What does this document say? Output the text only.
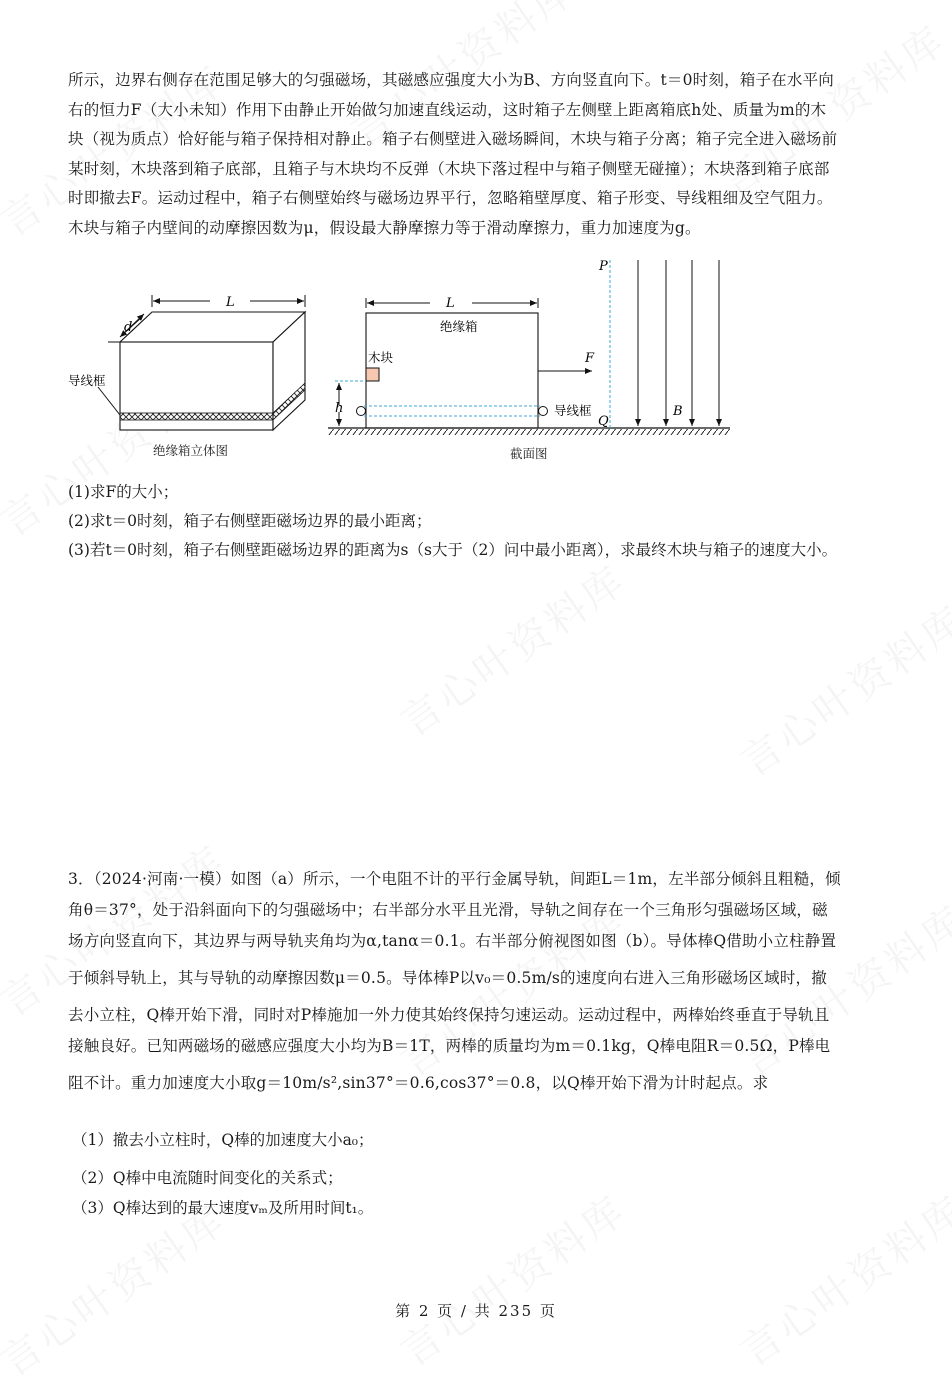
所示，边界右侧存在范围足够大的匀强磁场，其磁感应强度大小为B、方向竖直向下。t＝0时刻，箱子在水平向

右的恒力F（大小未知）作用下由静止开始做匀加速直线运动，这时箱子左侧壁上距离箱底h处、质量为m的木

块（视为质点）恰好能与箱子保持相对静止。箱子右侧壁进入磁场瞬间，木块与箱子分离；箱子完全进入磁场前

某时刻，木块落到箱子底部，且箱子与木块均不反弹（木块下落过程中与箱子侧壁无碰撞）；木块落到箱子底部

时即撤去F。运动过程中，箱子右侧壁始终与磁场边界平行，忽略箱壁厚度、箱子形变、导线粗细及空气阻力。

木块与箱子内壁间的动摩擦因数为μ，假设最大静摩擦力等于滑动摩擦力，重力加速度为g。

L
d
导线框
绝缘箱立体图
L
绝缘箱
木块
h	导线框
F
P
Q
B
截面图
(1)求F的大小；
(2)求t＝0时刻，箱子右侧壁距磁场边界的最小距离；
(3)若t＝0时刻，箱子右侧壁距磁场边界的距离为s（s大于（2）问中最小距离），求最终木块与箱子的速度大小。

3．（2024·河南·一模）如图（a）所示，一个电阻不计的平行金属导轨，间距L＝1m，左半部分倾斜且粗糙，倾

角θ＝37°，处于沿斜面向下的匀强磁场中；右半部分水平且光滑，导轨之间存在一个三角形匀强磁场区域，磁

场方向竖直向下，其边界与两导轨夹角均为α,tanα＝0.1。右半部分俯视图如图（b）。导体棒Q借助小立柱静置

于倾斜导轨上，其与导轨的动摩擦因数μ＝0.5。导体棒P以v₀＝0.5m/s的速度向右进入三角形磁场区域时，撤

去小立柱，Q棒开始下滑，同时对P棒施加一外力使其始终保持匀速运动。运动过程中，两棒始终垂直于导轨且

接触良好。已知两磁场的磁感应强度大小均为B＝1T，两棒的质量均为m＝0.1kg，Q棒电阻R＝0.5Ω，P棒电

阻不计。重力加速度大小取g＝10m/s²,sin37°＝0.6,cos37°＝0.8，以Q棒开始下滑为计时起点。求

（1）撤去小立柱时，Q棒的加速度大小a₀；
（2）Q棒中电流随时间变化的关系式；
（3）Q棒达到的最大速度vₘ及所用时间t₁。
第 2 页 / 共 235 页
